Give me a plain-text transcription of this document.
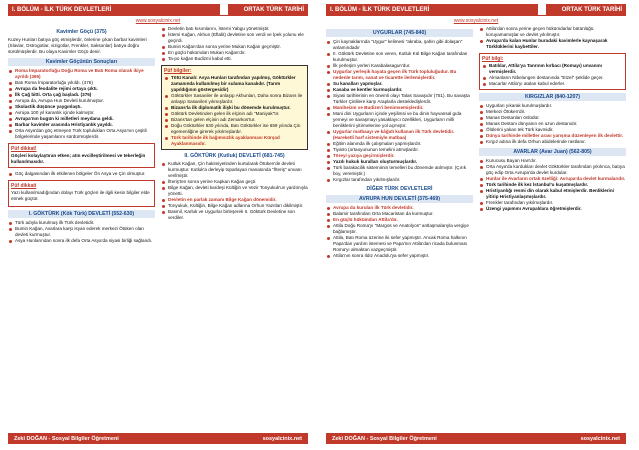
I. BÖLÜM - İLK TÜRK DEVLETLERİ	ORTAK TÜRK TARİHİ
www.sosyalcinix.net
Kavimler Göçü (375)
Kuzey Hunları batıya göç etmişlerdir, önlerine çıkan barbar kavimleri (Slavlar, Ostrogotlar, vizigotlar, Frenkler, Saksonlar) batıya doğru sürülmüşlerdir. Bu olaya Kavimler Göçü denir.
Kavimler Göçünün Sonuçları
Roma İmparatorluğu Doğu Roma ve Batı Roma olarak ikiye ayrıldı (395)
Batı Roma İmparatorluğu yıkıldı. (476)
Avrupa da feodalite rejimi ortaya çıktı.
İlk Çağ bitti. Orta çağ başladı. (375)
Avrupa da, Avrupa Hun Devleti kurulmuştur.
Skolastik düşünce yaygınlaştı.
Avrupa 100 yıl karanlık içinde kalmıştır.
Avrupa'nın bugün ki milletleri meydana geldi.
Barbar kavimler arasında Hristiyanlık yayıldı.
Orta Asya'dan göç etmeyen Türk toplulukları Orta Asya'nın çeşitli bölgelerinde yaşamlarını sürdürmüşlerdir.
Püf dikkat!
Göçleri kolaylaştıran etken; atın evcilleştirilmesi ve tekerleğin kullanılmasıdır.
Göç dalgasından ilk etkilenen bölgeler Ön Asya ve Çin olmuştur.
Püf dikkati
Yazı kullanılmadığından dolayı Türk göçleri ile ilgili kesin bilgiler elde etmek güçtür.
I. GÖKTÜRK (Kök Türk) DEVLETİ (552-630)
Türk adıyla kurulmuş ilk Türk devletidir.
Bumin Kağan, Avarlara karşı isyan ederek merkezi Ötüken olan devleti kurmuştur.
Asya Hunlarından sonra ilk defa Orta Asya'da siyasi birliği sağlandı.
Devletin batı kısımlarını, İstemi Yabgu yönetmiştir.
İstemi Kağan, Akhun (Eftalit) devletine son verdi ve İpek yolunu ele geçirdi.
Bumin Kağan'dan sonra yerine Mukan Kağan geçmiştir.
En güçlü hükümdarı Mukan Kağan'dır.
Ta-po kağan Budizmi kabul etti.
Püf bilgiler:
Tötü Kanalı: Asya Hunları tarafından yapılmış, Göktürkler zamanında kullanılmış bir sulama kanalıdır. (Tarım yapıldığının göstergesidir)
Göktürkler Sasaniler ile anlaşıp Akhunları, Daha sonra Bizans ile anlaşıp Sasanileri yıkmışlardır.
Bizans'la ilk diplomatik ilişki bu dönemde kurulmuştur.
Göktürk Devletinden gelen ilk elçinin adı "Maniyak"tır.
Bizans'tan gelen elçinin adı Zemarkos'tur.
Doğu Göktürkler 630 yılında, Batı Göktürkler ise 659 yılında Çin egemenliğine girerek yıkılmışlardır.
Türk tarihinde ilk bağımsızlık ayaklanması Kürşad Ayaklanmasıdır.
II. GÖKTÜRK (Kutluk) DEVLETİ (681-745)
Kutluk Kağan, Çin hakimiyetinden kurtularak Ötüken'de devleti kurmuştur. Kutluk'a derleyip toparlayan manasında "İlteriş" unvanı verilmiştir.
İlteriş'ten sonra yerine Kapkan Kağan geçti.
Bilge Kağan, devleti kardeşi Kültiğin ve Vezir Tonyukuk'un yardımıyla yönetti.
Devletin en parlak zamanı Bilge Kağan dönemidir.
Tonyukuk, Kültiğin, Bilge Kağan adlarına Orhun Yazıtları dikilmiştir.
Basmil, Karluk ve Uygurlar birleşerek II. Göktürk Devletine son verdiler.
Zeki DOĞAN - Sosyal Bilgiler Öğretmeni	sosyalcinix.net
I. BÖLÜM - İLK TÜRK DEVLETLERİ	ORTAK TÜRK TARİHİ
www.sosyalcinix.net
UYGURLAR (745-840)
Çin kaynaklarında "Uygur" kelimesi "akraba, şahin gibi dolaşan" anlamındadır
II. Göktürk Devletine son veren, Kutluk Kül Bilge Kağan tarafından kurulmuştur.
İlk yerleşim yerleri Karabalasagun'dur.
Uygurlar yerleşik hayata geçen ilk Türk topluluğudur. Bu nedenle tarım, sanat ve ticarette ilerlemişlerdir.
Su kanalları yapmışlar.
Kasaba ve kentler kurmuşlardır.
Siyasi tarihlerinin en önemli olayı Talas Savaşıdır (751). Bu savaşta Türkler Çinlilere karşı Araplarla destekledişlerdir.
Maniheizm ve Budizm'i benimsemişlerdir.
Mani dini Uygurların içinde yeşilimsi ve bu dinin hayvansal gıda yemeyi ve savaşmayı yasaklayıcı özellikleri, Uygurların milli benliklerini yitirmelerine yol açmıştır.
Uygurlar matbaayı ve kâğıdı kullanan ilk Türk devletidir. (Hareketli harf sistemiyle matbaa)
Eğitim alanında ilk çalışmaları yapmışlardır.
Tiyatro (ortaoyununun temelini atmışlardır.
Töreyi yazıya geçirmişlerdir.
Yazılı hukuk kuralları oluşturmuşlardır.
Türk barakacilik sistemimin temelleri bu dönemde atılmıştır. (Çırık boy, veremiştir.)
Kırgızlar tarafından yıkılmışlardır.
DİĞER TÜRK DEVLETLERİ
AVRUPA HUN DEVLETİ (375-469)
Avrupa da kurulan ilk Türk devletidir.
Balamir tarafından Orta Macaristan da kurmuştur.
En güçlü hükümdarı Attila'dır.
Attila Doğu Roma'yı "Margos ve Anatolyos" antlaşmalarıyla vergiye bağlamıştır.
Attila, Batı Roma üzerine iki sefer yapmıştır. Ancak Roma halkının Papa'dan yardım istemesi ve Papa'nın Attila'dan ricada bulunması Roma'yı almaktan vazgeçmiştir.
Attila'nın sonra Ildız Anadolu'ya sefer yapmıştır.
Attila'dan sonra yerine geçen hükümdarlar bütünlüğü koruyamamışlar ve devlet yıkılmıştır.
Avrupa'da kalan Hunlar buradaki kavimlerle kaynaşarak Türklüklerini kaybettiler.
Püf bilgi:
Batılılar, Attila'ya Tanrının kırbacı (Romayı) unvanını vermişlerdir.
Almanların Nibelungen destanında "Etzel" şeklide geçer.
Macarlar Attila'yı atalan kabul ederler.
KIRGIZLAR (840-1207)
Uygurları yıkarak kurulmuşlardır.
Merkezi Ötüken'dir.
Manas Destanları önlüdür.
Manas Destanı dünyanın en uzun destanıdır.
Ölülerini yakan tek Türk kavmidir.
Dünya tarihinde milletler arası yarışma düzenleyen ilk devlettir.
Kırgız adına ilk defa Orhun abidelerinde rastlanır.
AVARLAR (Avar Juan) (562-805)
Kurucusu Bayan Han'dır.
Orta Asya'da kurdukları devlet Göktürkler tarafından yıkılınca, batıya göç edip Orta Avrupa'da devlet kurdular.
Hunlar ile Avarların ortak özelliği: Avrupa'da devlet kurmalarıdır.
Türk tarihinde ilk kez İstanbul'u kuşatmışlardır.
Hristiyanlığı resmi din olarak kabul etmişlerdir. Benliklerini yitirip Hristiyanlaşmışlardır.
Frenkler tarafından yıkılmışlardır.
Üzengi yapımını Avrupalılara öğretmişlerdir.
Zeki DOĞAN - Sosyal Bilgiler Öğretmeni	sosyalcinix.net
